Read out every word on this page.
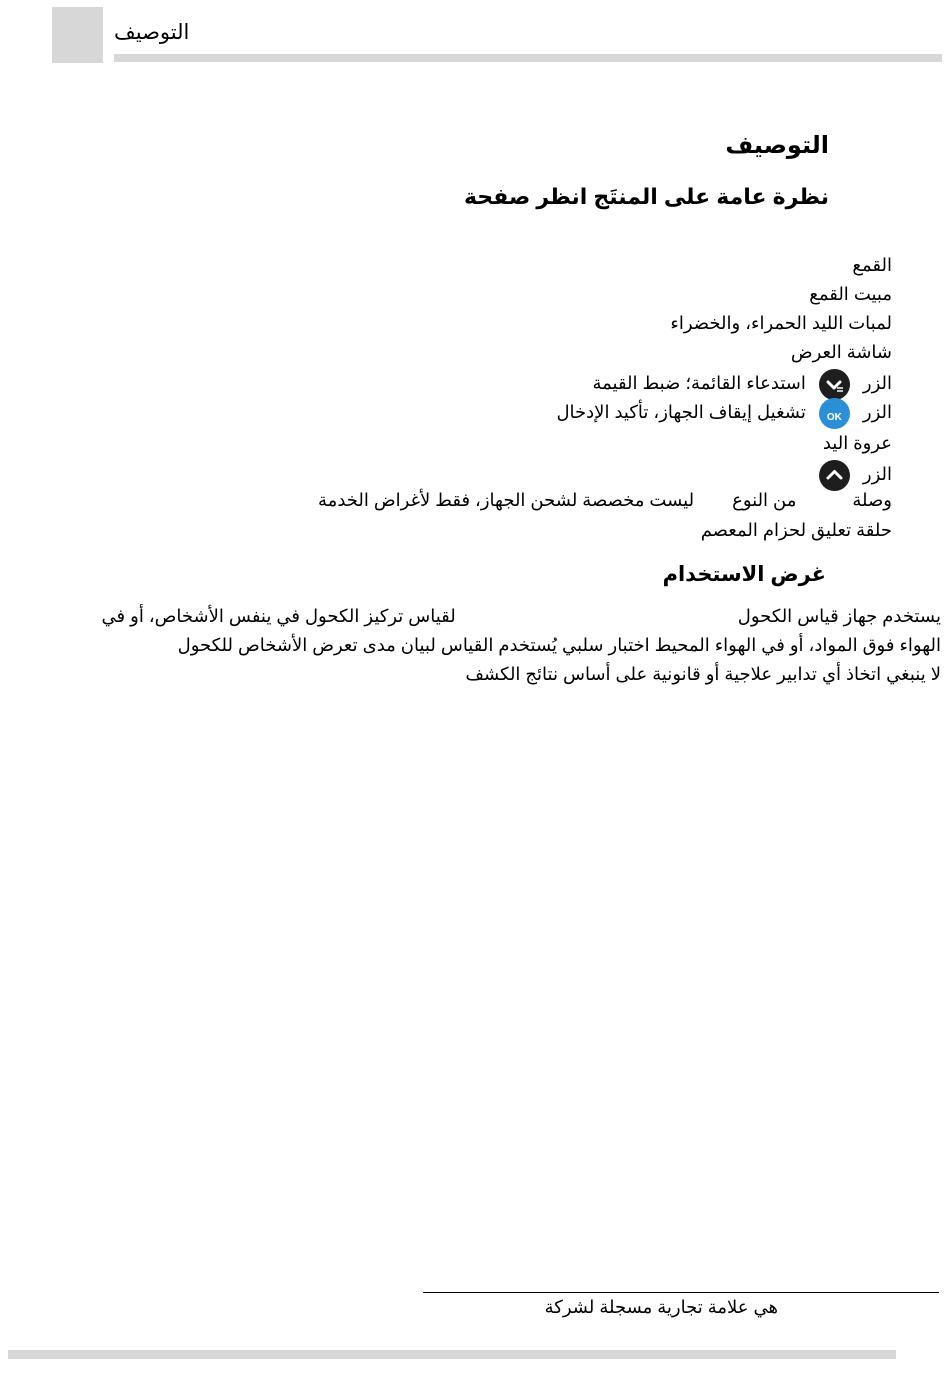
التوصيف
التوصيف
نظرة عامة على المنتَج انظر صفحة
القمع
مبيت القمع
لمبات الليد الحمراء، والخضراء
شاشة العرض
الزر
استدعاء القائمة؛ ضبط القيمة
الزر
OK
تشغيل إيقاف الجهاز، تأكيد الإدخال
عروة اليد
الزر
وصلةمن النوعليست مخصصة لشحن الجهاز، فقط لأغراض الخدمة
حلقة تعليق لحزام المعصم
غرض الاستخدام
يستخدم جهاز قياس الكحوللقياس تركيز الكحول في ينفس الأشخاص، أو في
الهواء فوق المواد، أو في الهواء المحيط اختبار سلبي يُستخدم القياس لبيان مدى تعرض الأشخاص للكحول
لا ينبغي اتخاذ أي تدابير علاجية أو قانونية على أساس نتائج الكشف
هي علامة تجارية مسجلة لشركة
